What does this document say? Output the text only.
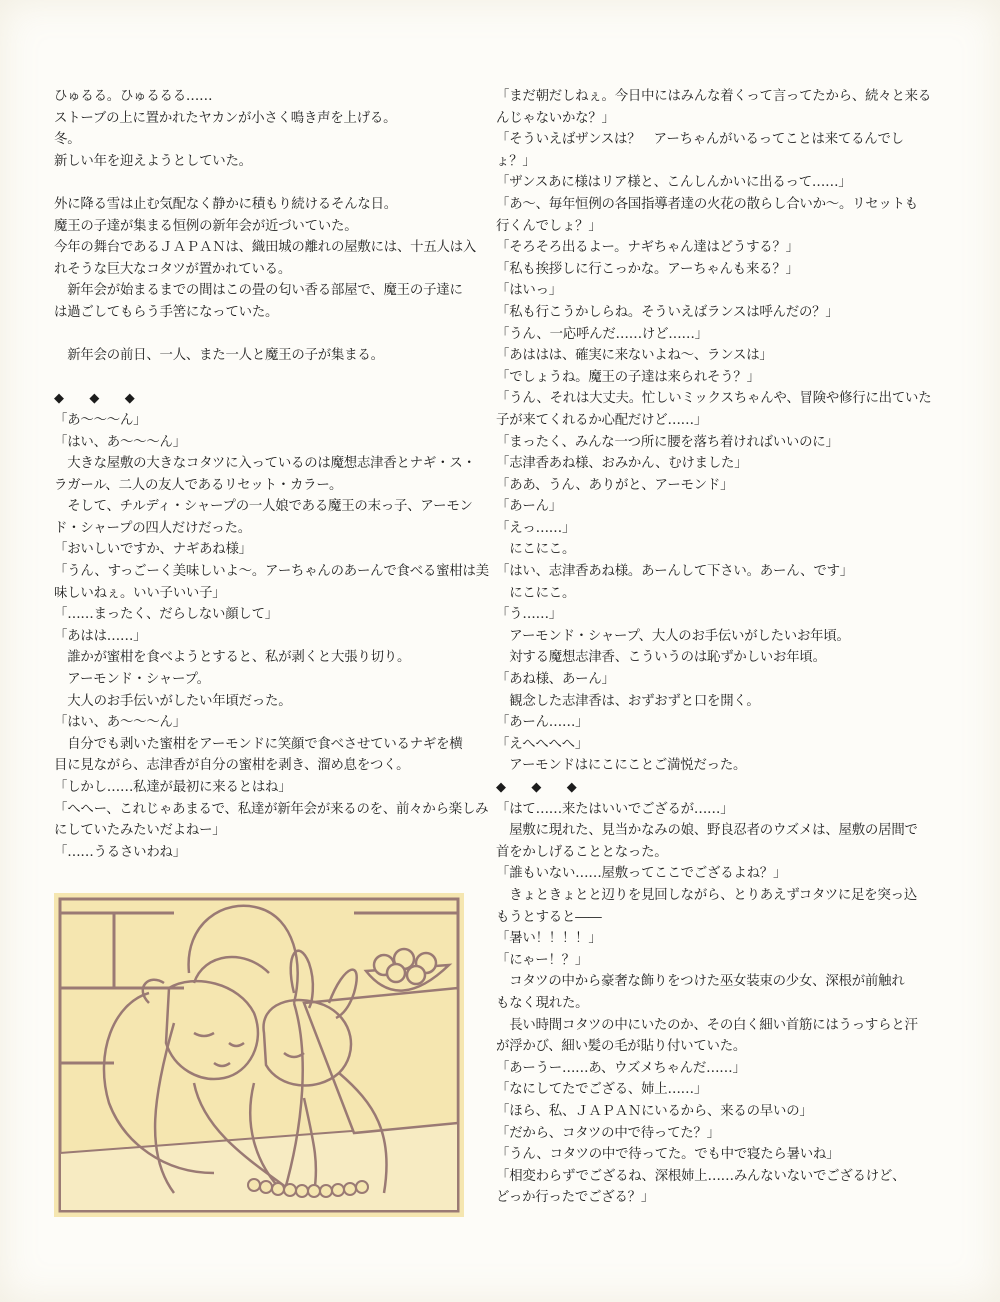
ひゅるる。ひゅるるる……
ストーブの上に置かれたヤカンが小さく鳴き声を上げる。
冬。
新しい年を迎えようとしていた。
外に降る雪は止む気配なく静かに積もり続けるそんな日。
魔王の子達が集まる恒例の新年会が近づいていた。
今年の舞台であるＪＡＰＡＮは、織田城の離れの屋敷には、十五人は入
れそうな巨大なコタツが置かれている。
　新年会が始まるまでの間はこの畳の匂い香る部屋で、魔王の子達に
は過ごしてもらう手筈になっていた。
　新年会の前日、一人、また一人と魔王の子が集まる。
◆　　◆　　◆
「あ〜〜〜ん」
「はい、あ〜〜〜ん」
　大きな屋敷の大きなコタツに入っているのは魔想志津香とナギ・ス・
ラガール、二人の友人であるリセット・カラー。
　そして、チルディ・シャープの一人娘である魔王の末っ子、アーモン
ド・シャープの四人だけだった。
「おいしいですか、ナギあね様」
「うん、すっごーく美味しいよ〜。アーちゃんのあーんで食べる蜜柑は美
味しいねぇ。いい子いい子」
「……まったく、だらしない顔して」
「あはは……」
　誰かが蜜柑を食べようとすると、私が剥くと大張り切り。
　アーモンド・シャープ。
　大人のお手伝いがしたい年頃だった。
「はい、あ〜〜〜ん」
　自分でも剥いた蜜柑をアーモンドに笑顔で食べさせているナギを横
目に見ながら、志津香が自分の蜜柑を剥き、溜め息をつく。
「しかし……私達が最初に来るとはね」
「へへー、これじゃあまるで、私達が新年会が来るのを、前々から楽しみ
にしていたみたいだよねー」
「……うるさいわね」
「まだ朝だしねぇ。今日中にはみんな着くって言ってたから、続々と来る
んじゃないかな？」
「そういえばザンスは？　アーちゃんがいるってことは来てるんでし
ょ？」
「ザンスあに様はリア様と、こんしんかいに出るって……」
「あ〜、毎年恒例の各国指導者達の火花の散らし合いか〜。リセットも
行くんでしょ？」
「そろそろ出るよー。ナギちゃん達はどうする？」
「私も挨拶しに行こっかな。アーちゃんも来る？」
「はいっ」
「私も行こうかしらね。そういえばランスは呼んだの？」
「うん、一応呼んだ……けど……」
「あははは、確実に来ないよね〜、ランスは」
「でしょうね。魔王の子達は来られそう？」
「うん、それは大丈夫。忙しいミックスちゃんや、冒険や修行に出ていた
子が来てくれるか心配だけど……」
「まったく、みんな一つ所に腰を落ち着ければいいのに」
「志津香あね様、おみかん、むけました」
「ああ、うん、ありがと、アーモンド」
「あーん」
「えっ……」
　にこにこ。
「はい、志津香あね様。あーんして下さい。あーん、です」
　にこにこ。
「う……」
　アーモンド・シャープ、大人のお手伝いがしたいお年頃。
　対する魔想志津香、こういうのは恥ずかしいお年頃。
「あね様、あーん」
　観念した志津香は、おずおずと口を開く。
「あーん……」
「えへへへへ」
　アーモンドはにこにことご満悦だった。
◆　　◆　　◆
「はて……来たはいいでござるが……」
　屋敷に現れた、見当かなみの娘、野良忍者のウズメは、屋敷の居間で
首をかしげることとなった。
「誰もいない……屋敷ってここでござるよね？」
　きょときょとと辺りを見回しながら、とりあえずコタツに足を突っ込
もうとすると――
「暑い！！！！」
「にゃー！？」
　コタツの中から豪奢な飾りをつけた巫女装束の少女、深根が前触れ
もなく現れた。
　長い時間コタツの中にいたのか、その白く細い首筋にはうっすらと汗
が浮かび、細い髪の毛が貼り付いていた。
「あーうー……あ、ウズメちゃんだ……」
「なにしてたでござる、姉上……」
「ほら、私、ＪＡＰＡＮにいるから、来るの早いの」
「だから、コタツの中で待ってた？」
「うん、コタツの中で待ってた。でも中で寝たら暑いね」
「相変わらずでござるね、深根姉上……みんないないでござるけど、
どっか行ったでござる？」
